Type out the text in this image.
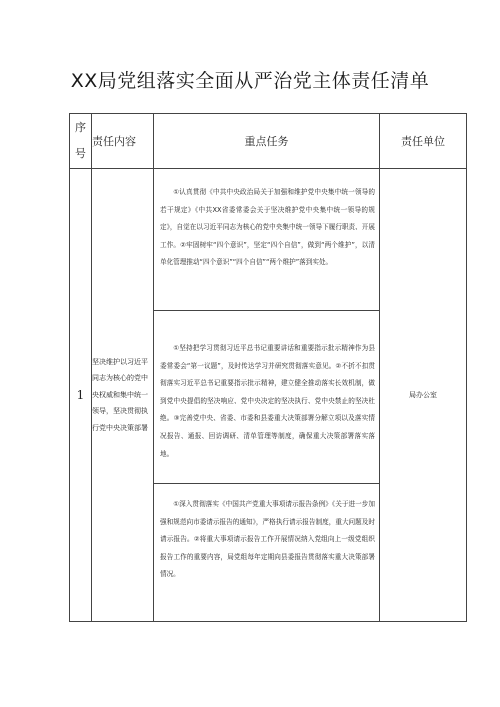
XX局党组落实全面从严治党主体责任清单
序号	责任内容	重点任务	责任单位
1	坚决维护以习近平同志为核心的党中央权威和集中统一领导，坚决贯彻执行党中央决策部署	①认真贯彻《中共中央政治局关于加强和维护党中央集中统一领导的若干规定》《中共XX省委常委会关于坚决维护党中央集中统一领导的规定》，自觉在以习近平同志为核心的党中央集中统一领导下履行职责、开展工作。②牢固树牢“四个意识”，坚定“四个自信”，做到“两个维护”，以清单化管理推动“四个意识”“四个自信”“两个维护”落到实处。

①坚持把学习贯彻习近平总书记重要讲话和重要指示批示精神作为县委常委会“第一议题”，及时传达学习并研究贯彻落实意见。②不折不扣贯彻落实习近平总书记重要指示批示精神，建立健全推动落实长效机制，做到党中央提倡的坚决响应、党中央决定的坚决执行、党中央禁止的坚决杜绝。③完善党中央、省委、市委和县委重大决策部署分解立项以及落实情况报告、通报、回访调研、清单管理等制度，确保重大决策部署落实落地。

①深入贯彻落实《中国共产党重大事项请示报告条例》《关于进一步加强和规范向市委请示报告的通知》，严格执行请示报告制度，重大问题及时请示报告。②将重大事项请示报告工作开展情况纳入党组向上一级党组织报告工作的重要内容，局党组每年定期向县委报告贯彻落实重大决策部署情况。	局办公室
